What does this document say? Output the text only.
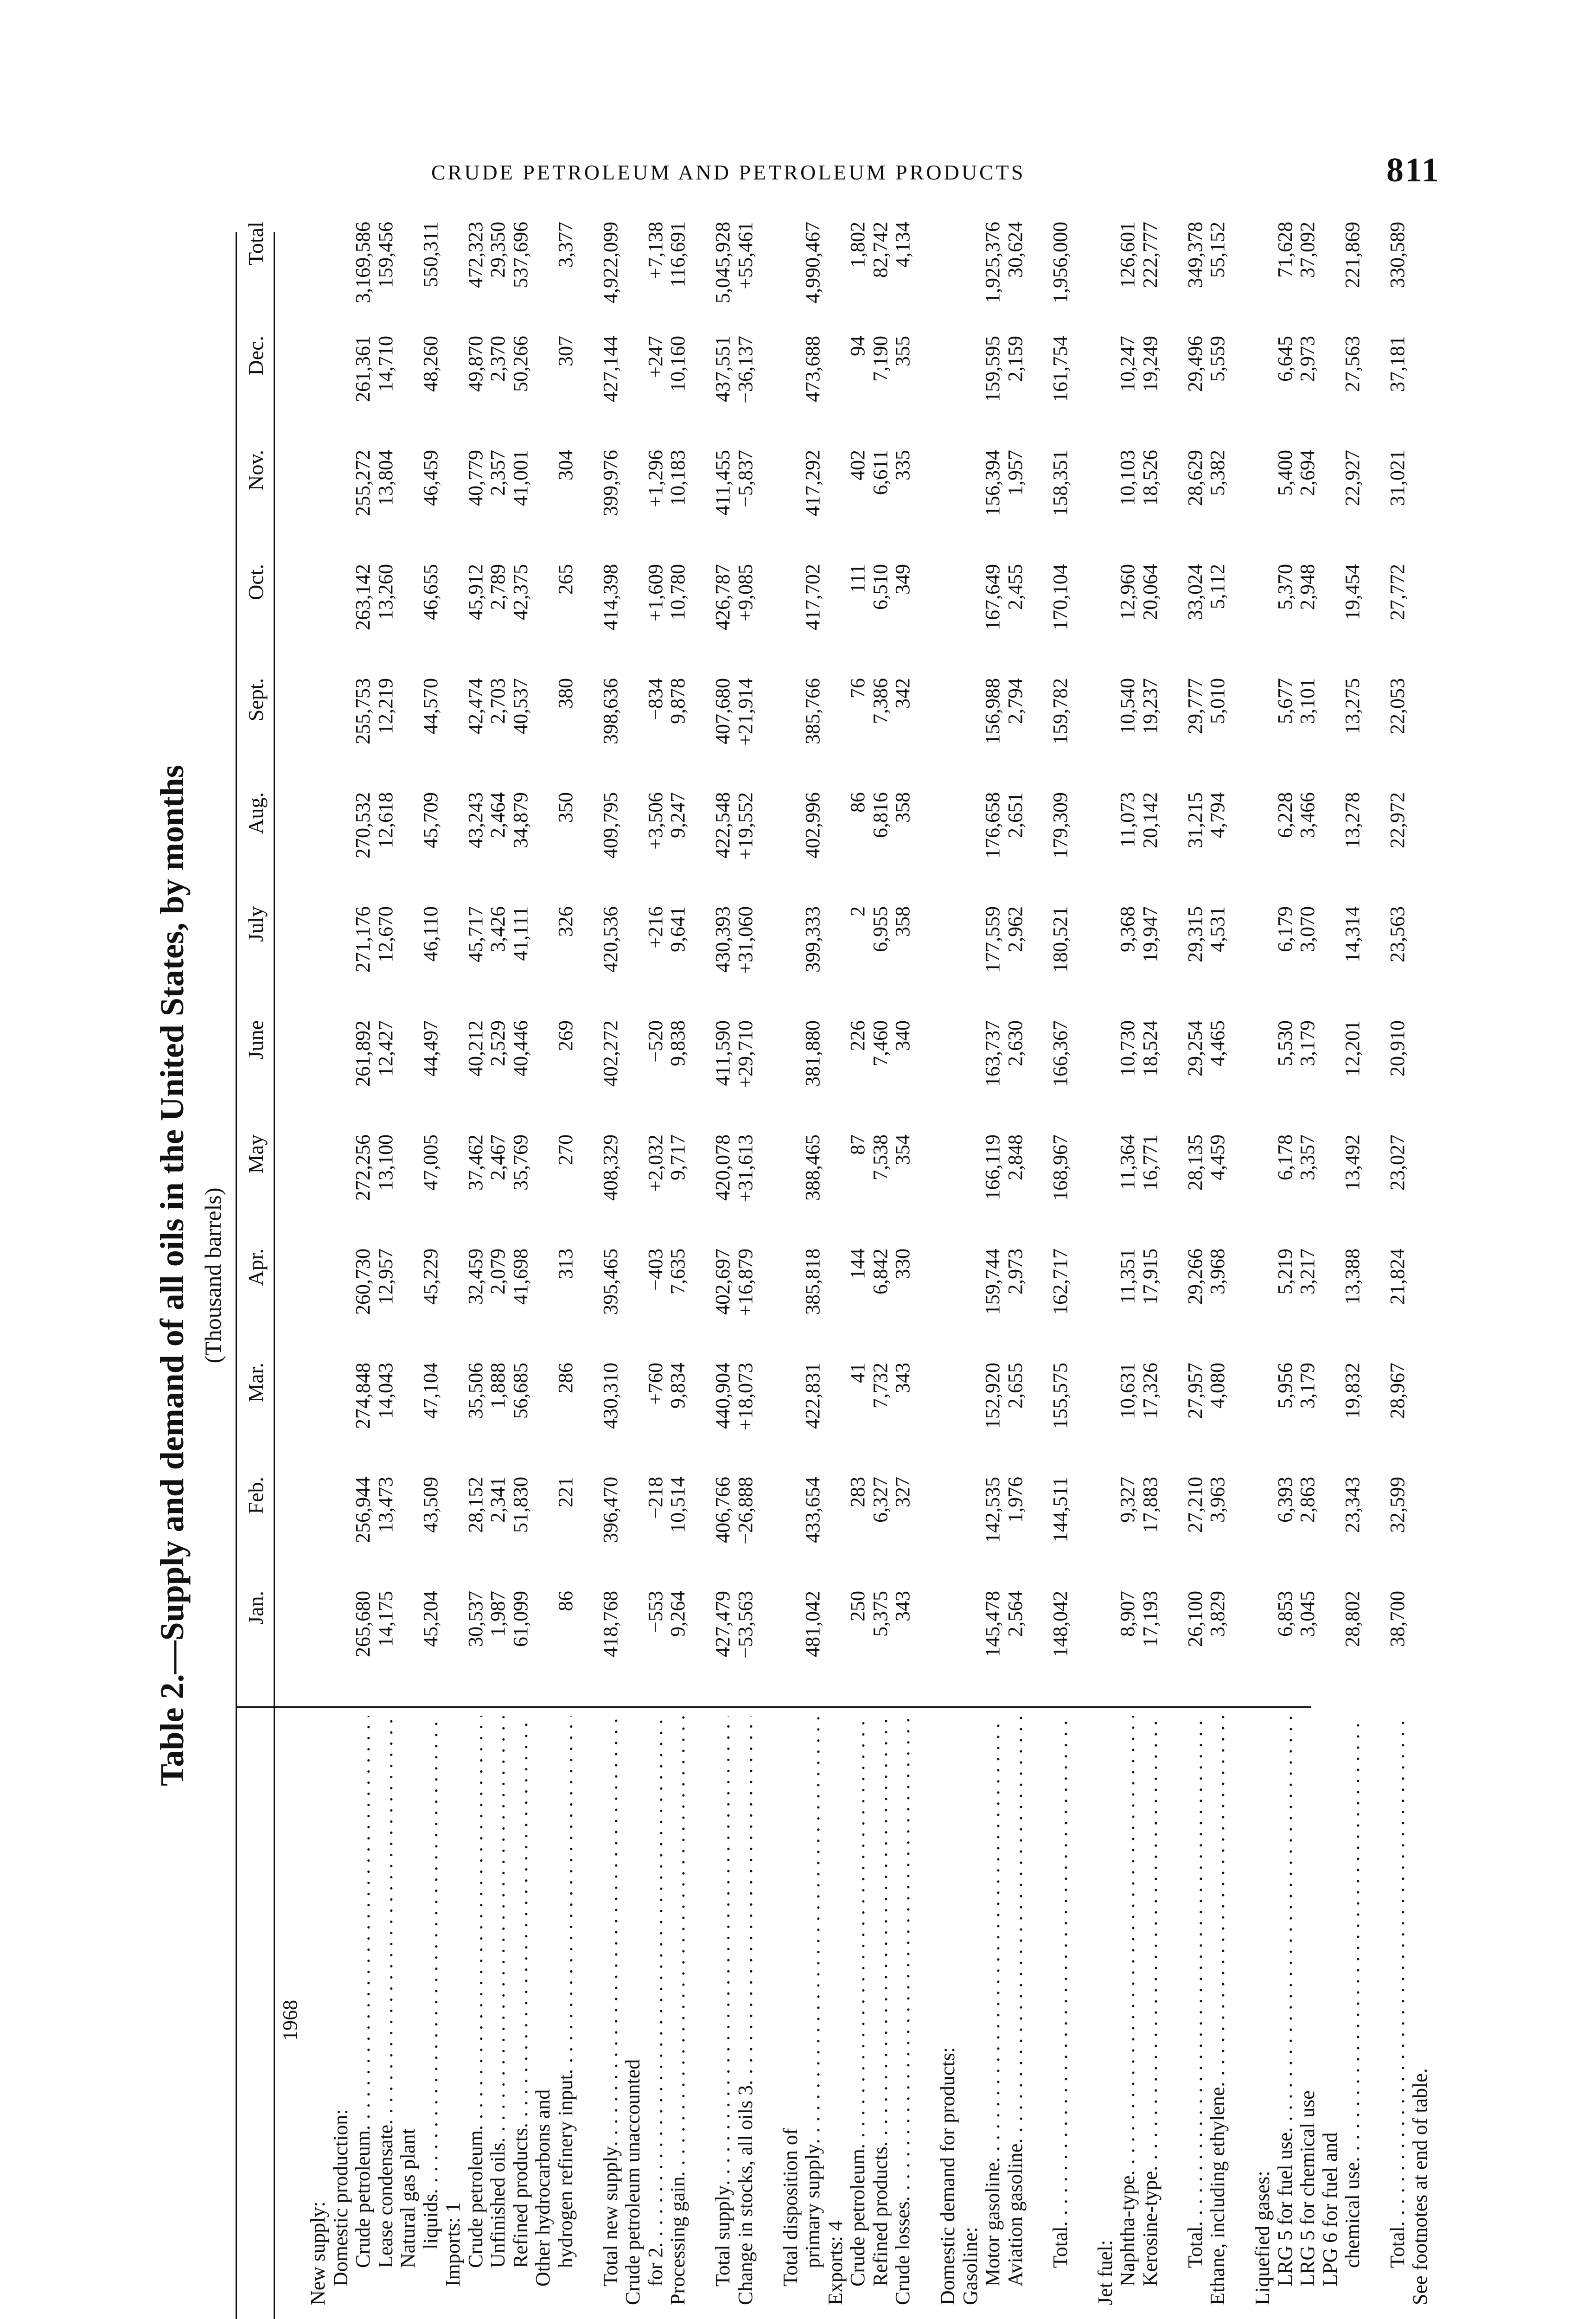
CRUDE PETROLEUM AND PETROLEUM PRODUCTS	811
Table 2.—Supply and demand of all oils in the United States, by months (Thousand barrels)
Jan.
Feb.
Mar.
Apr.
May
June
July
Aug.
Sept.
Oct.
Nov.
Dec.
Total
1968
New supply: Domestic production: Crude petroleum . . .
265,680
256,944
274,848
260,730
272,256
261,892
271,176
270,532
255,753
263,142
255,272
261,361
3,169,586
Lease condensate . . .
14,175
13,473
14,043
12,957
13,100
12,427
12,670
12,618
12,219
13,260
13,804
14,710
159,456
Natural gas plant liquids . . .
45,204
43,509
47,104
45,229
47,005
44,497
46,110
45,709
44,570
46,655
46,459
48,260
550,311
Imports: 1 Crude petroleum . . .
30,537
28,152
35,506
32,459
37,462
40,212
45,717
43,243
42,474
45,912
40,779
49,870
472,323
Unfinished oils . . .
1,987
2,341
1,888
2,079
2,467
2,529
3,426
2,464
2,703
2,789
2,357
2,370
29,350
Refined products . . .
61,099
51,830
56,685
41,698
35,769
40,446
41,111
34,879
40,537
42,375
41,001
50,266
537,696
Other hydrocarbons and hydrogen refinery input . . .
86
221
286
313
270
269
326
350
380
265
304
307
3,377
Total new supply . . .
418,768
396,470
430,310
395,465
408,329
402,272
420,536
409,795
398,636
414,398
399,976
427,144
4,922,099
Crude petroleum unaccounted for 2 . . .
−553
−218
+760
−403
+2,032
−520
+216
+3,506
−834
+1,609
+1,296
+247
+7,138
Processing gain . . .
9,264
10,514
9,834
7,635
9,717
9,838
9,641
9,247
9,878
10,780
10,183
10,160
116,691
Total supply . . .
427,479
406,766
440,904
402,697
420,078
411,590
430,393
422,548
407,680
426,787
411,455
437,551
5,045,928
Change in stocks, all oils 3 . . .
−53,563
−26,888
+18,073
+16,879
+31,613
+29,710
+31,060
+19,552
+21,914
+9,085
−5,837
−36,137
+55,461
Total disposition of primary supply . . .
481,042
433,654
422,831
385,818
388,465
381,880
399,333
402,996
385,766
417,702
417,292
473,688
4,990,467
Exports: 4 Crude petroleum . . .
250
283
41
144
87
226
2
86
76
111
402
94
1,802
Refined products . . .
5,375
6,327
7,732
6,842
7,538
7,460
6,955
6,816
7,386
6,510
6,611
7,190
82,742
Crude losses . . .
343
327
343
330
354
340
358
358
342
349
335
355
4,134
Domestic demand for products: Gasoline: Motor gasoline . . .
145,478
142,535
152,920
159,744
166,119
163,737
177,559
176,658
156,988
167,649
156,394
159,595
1,925,376
Aviation gasoline . . .
2,564
1,976
2,655
2,973
2,848
2,630
2,962
2,651
2,794
2,455
1,957
2,159
30,624
Total . . .
148,042
144,511
155,575
162,717
168,967
166,367
180,521
179,309
159,782
170,104
158,351
161,754
1,956,000
Jet fuel: Naphtha-type . . .
8,907
9,327
10,631
11,351
11,364
10,730
9,368
11,073
10,540
12,960
10,103
10,247
126,601
Kerosine-type . . .
17,193
17,883
17,326
17,915
16,771
18,524
19,947
20,142
19,237
20,064
18,526
19,249
222,777
Total . . .
26,100
27,210
27,957
29,266
28,135
29,254
29,315
31,215
29,777
33,024
28,629
29,496
349,378
Ethane, including ethylene . . .
3,829
3,963
4,080
3,968
4,459
4,465
4,531
4,794
5,010
5,112
5,382
5,559
55,152
Liquefied gases: LRG 5 for fuel use . . .
6,853
6,393
5,956
5,219
6,178
5,530
6,179
6,228
5,677
5,370
5,400
6,645
71,628
LRG 5 for chemical use
3,045
2,863
3,179
3,217
3,357
3,179
3,070
3,466
3,101
2,948
2,694
2,973
37,092
LPG 6 for fuel and chemical use . . .
28,802
23,343
19,832
13,388
13,492
12,201
14,314
13,278
13,275
19,454
22,927
27,563
221,869
Total . . .
38,700
32,599
28,967
21,824
23,027
20,910
23,563
22,972
22,053
27,772
31,021
37,181
330,589
See footnotes at end of table.
